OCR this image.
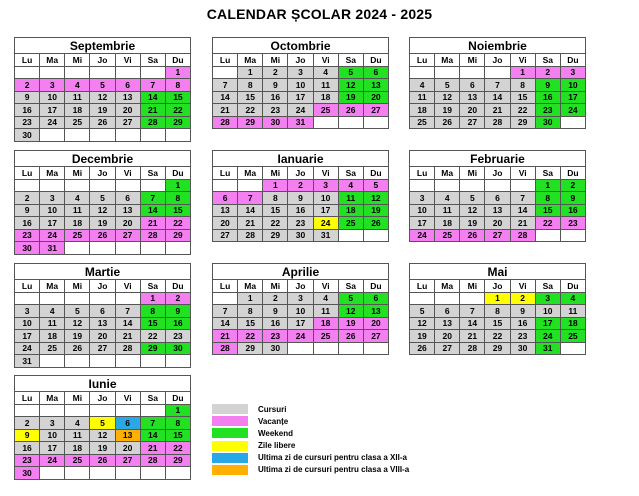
CALENDAR ȘCOLAR 2024 - 2025
Septembrie						
Lu	Ma	Mi	Jo	Vi	Sa	Du
						1
2	3	4	5	6	7	8
9	10	11	12	13	14	15
16	17	18	19	20	21	22
23	24	25	26	27	28	29
30						
Octombrie						
Lu	Ma	Mi	Jo	Vi	Sa	Du
	1	2	3	4	5	6
7	8	9	10	11	12	13
14	15	16	17	18	19	20
21	22	23	24	25	26	27
28	29	30	31			
Noiembrie						
Lu	Ma	Mi	Jo	Vi	Sa	Du
				1	2	3
4	5	6	7	8	9	10
11	12	13	14	15	16	17
18	19	20	21	22	23	24
25	26	27	28	29	30	
Decembrie						
Lu	Ma	Mi	Jo	Vi	Sa	Du
						1
2	3	4	5	6	7	8
9	10	11	12	13	14	15
16	17	18	19	20	21	22
23	24	25	26	27	28	29
30	31					
Ianuarie						
Lu	Ma	Mi	Jo	Vi	Sa	Du
		1	2	3	4	5
6	7	8	9	10	11	12
13	14	15	16	17	18	19
20	21	22	23	24	25	26
27	28	29	30	31		
Februarie						
Lu	Ma	Mi	Jo	Vi	Sa	Du
					1	2
3	4	5	6	7	8	9
10	11	12	13	14	15	16
17	18	19	20	21	22	23
24	25	26	27	28		
Martie						
Lu	Ma	Mi	Jo	Vi	Sa	Du
					1	2
3	4	5	6	7	8	9
10	11	12	13	14	15	16
17	18	19	20	21	22	23
24	25	26	27	28	29	30
31						
Aprilie						
Lu	Ma	Mi	Jo	Vi	Sa	Du
	1	2	3	4	5	6
7	8	9	10	11	12	13
14	15	16	17	18	19	20
21	22	23	24	25	26	27
28	29	30				
Mai						
Lu	Ma	Mi	Jo	Vi	Sa	Du
			1	2	3	4
5	6	7	8	9	10	11
12	13	14	15	16	17	18
19	20	21	22	23	24	25
26	27	28	29	30	31	
Iunie						
Lu	Ma	Mi	Jo	Vi	Sa	Du
						1
2	3	4	5	6	7	8
9	10	11	12	13	14	15
16	17	18	19	20	21	22
23	24	25	26	27	28	29
30						
Cursuri
Vacanțe
Weekend
Zile libere
Ultima zi de cursuri pentru clasa a XII-a
Ultima zi de cursuri pentru clasa a VIII-a
